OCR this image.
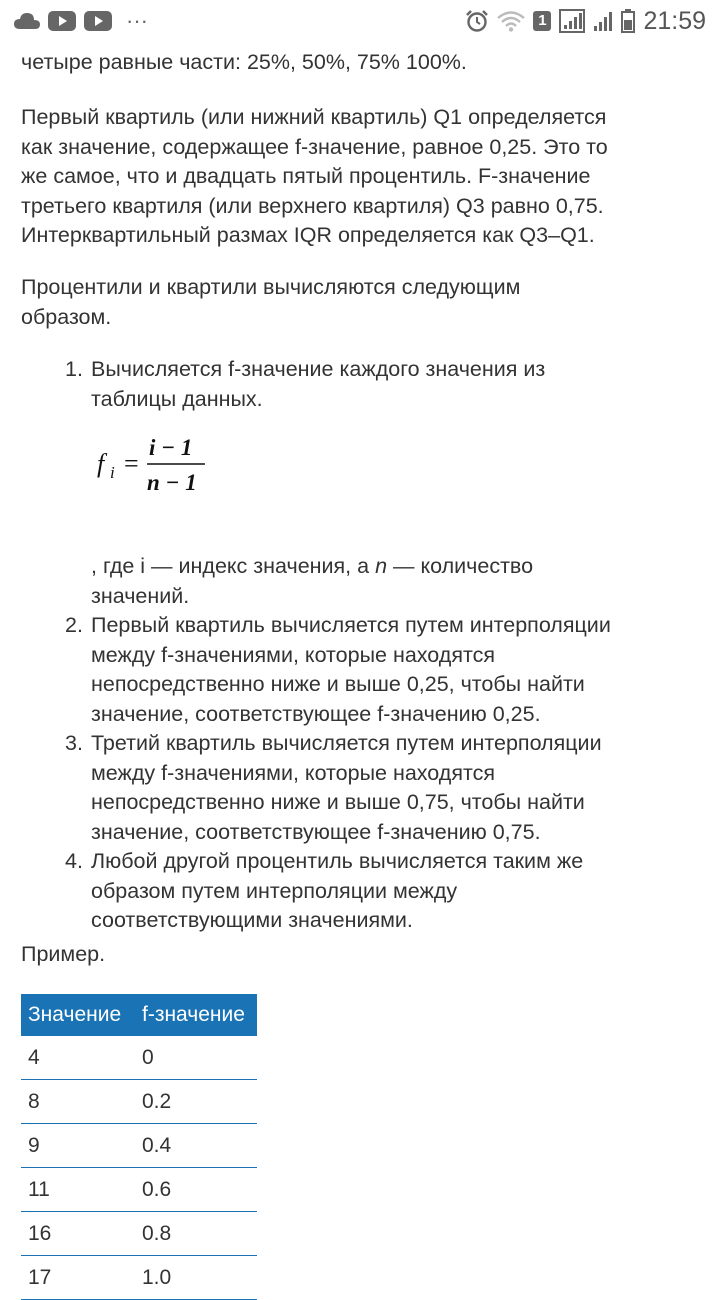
···	1	21:59
четыре равные части: 25%, 50%, 75% 100%.
Первый квартиль (или нижний квартиль) Q1 определяется
как значение, содержащее f-значение, равное 0,25. Это то
же самое, что и двадцать пятый процентиль. F-значение
третьего квартиля (или верхнего квартиля) Q3 равно 0,75.
Интерквартильный размах IQR определяется как Q3–Q1.
Процентили и квартили вычисляются следующим
образом.
1. Вычисляется f-значение каждого значения из
таблицы данных.
f i =
i − 1
n − 1
, где i — индекс значения, а n — количество
значений.
2. Первый квартиль вычисляется путем интерполяции
между f-значениями, которые находятся
непосредственно ниже и выше 0,25, чтобы найти
значение, соответствующее f-значению 0,25.
3. Третий квартиль вычисляется путем интерполяции
между f-значениями, которые находятся
непосредственно ниже и выше 0,75, чтобы найти
значение, соответствующее f-значению 0,75.
4. Любой другой процентиль вычисляется таким же
образом путем интерполяции между
соответствующими значениями.
Пример.
Значение	f-значение
4	0
8	0.2
9	0.4
11	0.6
16	0.8
17	1.0
